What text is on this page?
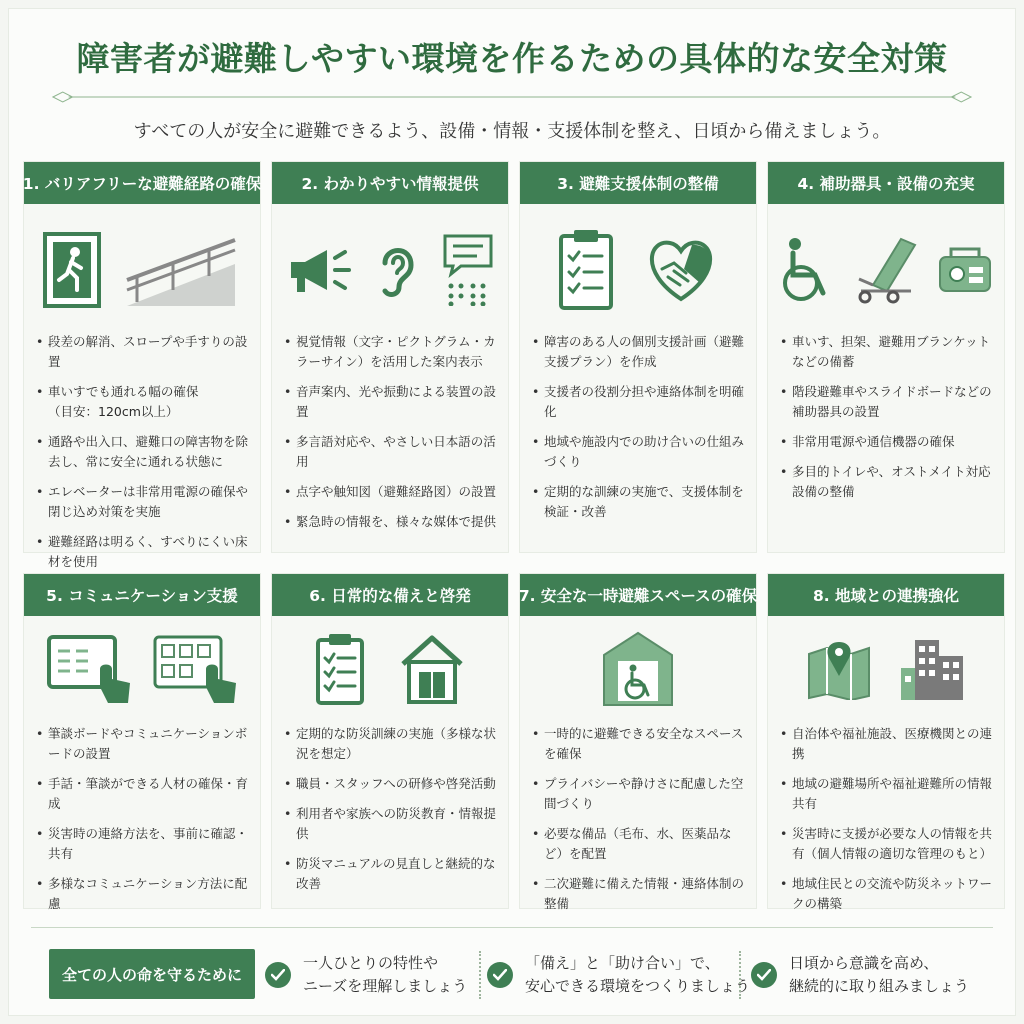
障害者が避難しやすい環境を作るための具体的な安全対策
すべての人が安全に避難できるよう、設備・情報・支援体制を整え、日頃から備えましょう。
1. バリアフリーな避難経路の確保
• 段差の解消、スロープや手すりの設置
• 車いすでも通れる幅の確保
（目安：120cm以上）
• 通路や出入口、避難口の障害物を除去し、常に安全に通れる状態に
• エレベーターは非常用電源の確保や閉じ込め対策を実施
• 避難経路は明るく、すべりにくい床材を使用
2. わかりやすい情報提供
• 視覚情報（文字・ピクトグラム・カラーサイン）を活用した案内表示
• 音声案内、光や振動による装置の設置
• 多言語対応や、やさしい日本語の活用
• 点字や触知図（避難経路図）の設置
• 緊急時の情報を、様々な媒体で提供
3. 避難支援体制の整備
• 障害のある人の個別支援計画（避難支援プラン）を作成
• 支援者の役割分担や連絡体制を明確化
• 地域や施設内での助け合いの仕組みづくり
• 定期的な訓練の実施で、支援体制を検証・改善
4. 補助器具・設備の充実
• 車いす、担架、避難用ブランケットなどの備蓄
• 階段避難車やスライドボードなどの補助器具の設置
• 非常用電源や通信機器の確保
• 多目的トイレや、オストメイト対応設備の整備
5. コミュニケーション支援
• 筆談ボードやコミュニケーションボードの設置
• 手話・筆談ができる人材の確保・育成
• 災害時の連絡方法を、事前に確認・共有
• 多様なコミュニケーション方法に配慮
6. 日常的な備えと啓発
• 定期的な防災訓練の実施（多様な状況を想定）
• 職員・スタッフへの研修や啓発活動
• 利用者や家族への防災教育・情報提供
• 防災マニュアルの見直しと継続的な改善
7. 安全な一時避難スペースの確保
• 一時的に避難できる安全なスペースを確保
• プライバシーや静けさに配慮した空間づくり
• 必要な備品（毛布、水、医薬品など）を配置
• 二次避難に備えた情報・連絡体制の整備
8. 地域との連携強化
• 自治体や福祉施設、医療機関との連携
• 地域の避難場所や福祉避難所の情報共有
• 災害時に支援が必要な人の情報を共有（個人情報の適切な管理のもと）
• 地域住民との交流や防災ネットワークの構築
全ての人の命を守るために
一人ひとりの特性や
ニーズを理解しましょう
「備え」と「助け合い」で、
安心できる環境をつくりましょう
日頃から意識を高め、
継続的に取り組みましょう
